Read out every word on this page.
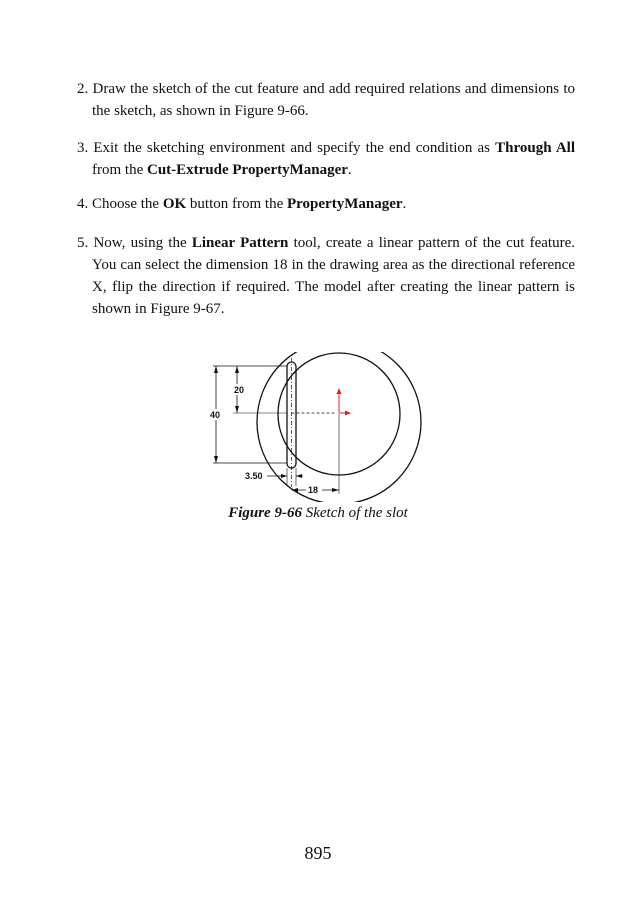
2. Draw the sketch of the cut feature and add required relations and dimensions to the sketch, as shown in Figure 9-66.
3. Exit the sketching environment and specify the end condition as Through All from the Cut-Extrude PropertyManager.
4. Choose the OK button from the PropertyManager.
5. Now, using the Linear Pattern tool, create a linear pattern of the cut feature. You can select the dimension 18 in the drawing area as the directional reference X, flip the direction if required. The model after creating the linear pattern is shown in Figure 9-67.
40
20
3.50
18
Figure 9-66 Sketch of the slot
895
